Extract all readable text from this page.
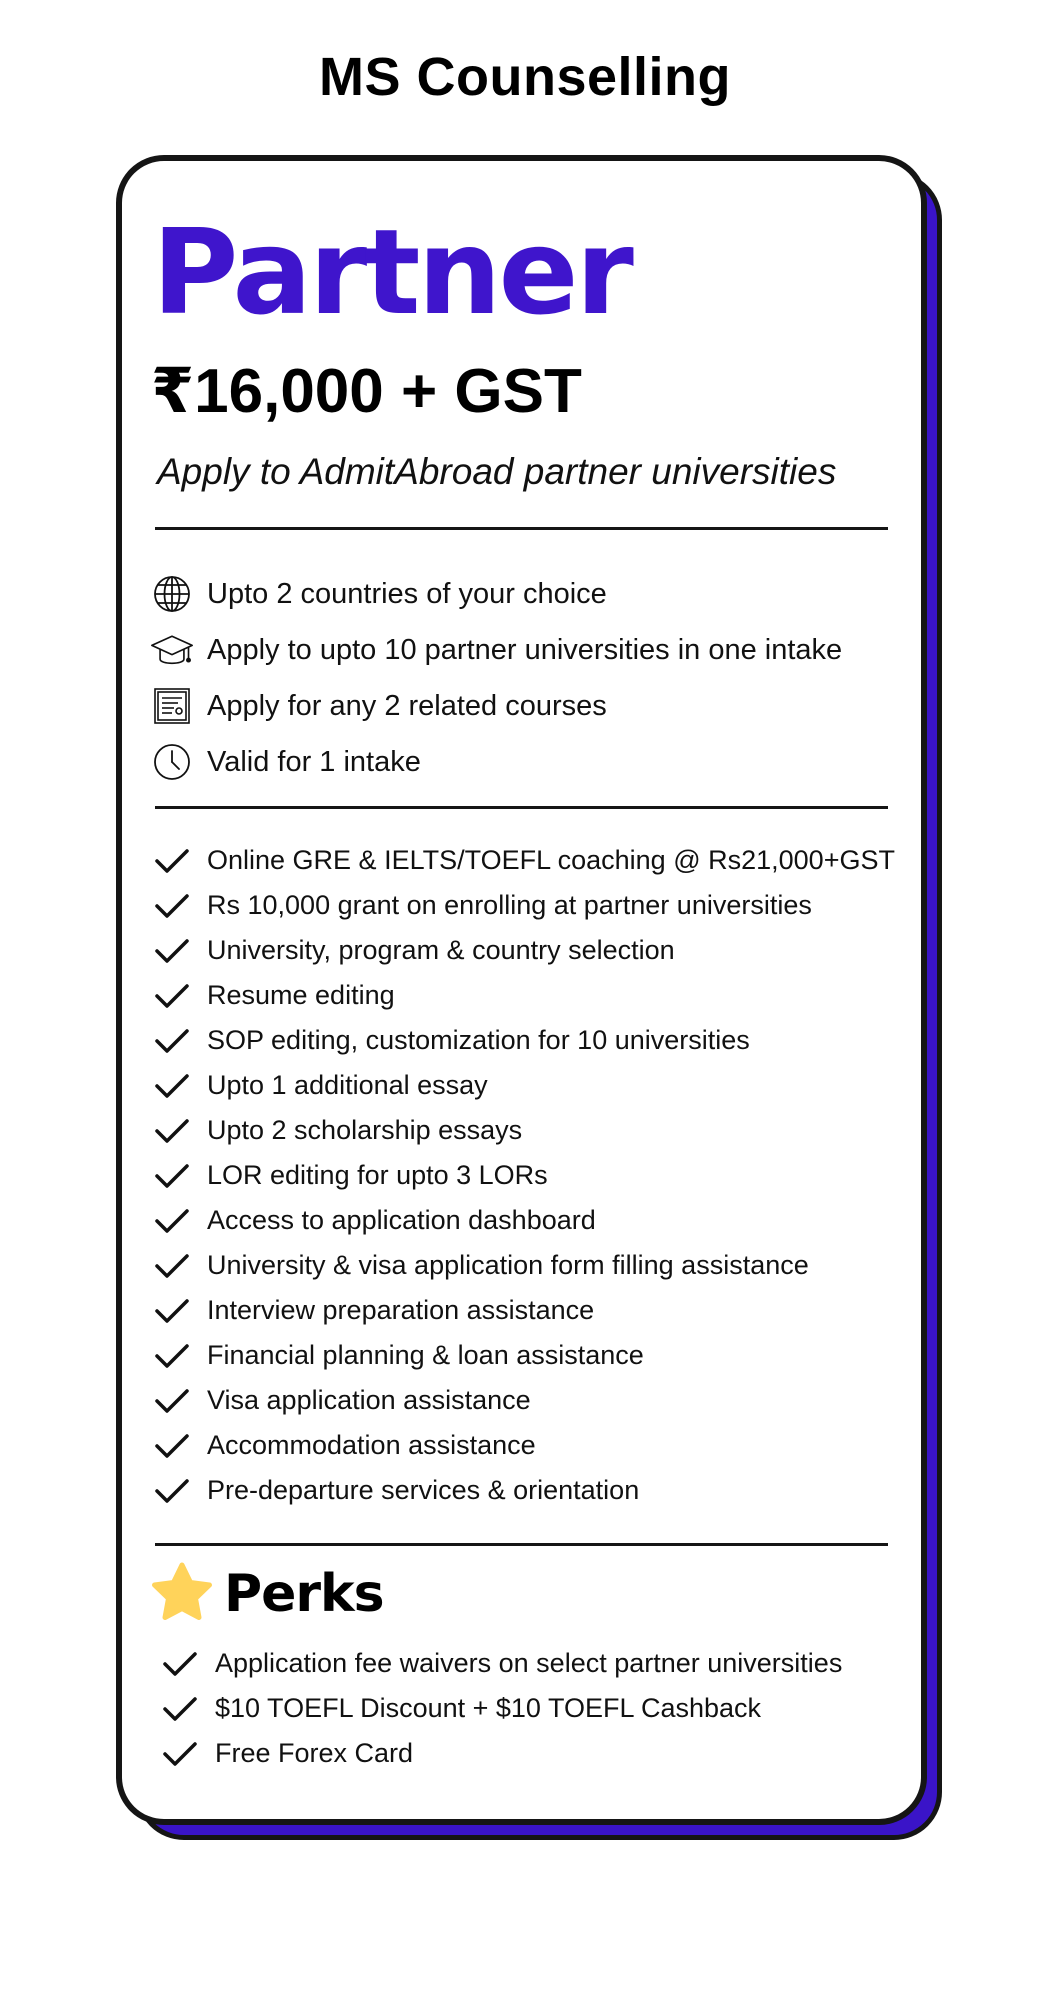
MS Counselling
Partner
₹16,000 + GST
Apply to AdmitAbroad partner universities
Upto 2 countries of your choice
Apply to upto 10 partner universities in one intake
Apply for any 2 related courses
Valid for 1 intake
Online GRE & IELTS/TOEFL coaching @ Rs21,000+GST
Rs 10,000 grant on enrolling at partner universities
University, program & country selection
Resume editing
SOP editing, customization for 10 universities
Upto 1 additional essay
Upto 2 scholarship essays
LOR editing for upto 3 LORs
Access to application dashboard
University & visa application form filling assistance
Interview preparation assistance
Financial planning & loan assistance
Visa application assistance
Accommodation assistance
Pre-departure services & orientation
Perks
Application fee waivers on select partner universities
$10 TOEFL Discount + $10 TOEFL Cashback
Free Forex Card
